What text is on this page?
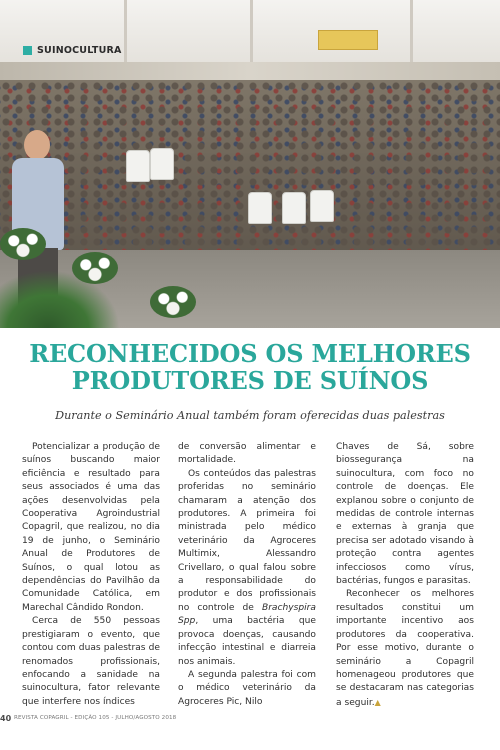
SUINOCULTURA
RECONHECIDOS OS MELHORES
PRODUTORES DE SUÍNOS
Durante o Seminário Anual também foram oferecidas duas palestras

Potencializar a produção de suínos buscando maior eficiência e resultado para seus associados é uma das ações desenvolvidas pela Cooperativa Agroindustrial Copagril, que realizou, no dia 19 de junho, o Seminário Anual de Produtores de Suínos, o qual lotou as dependências do Pavilhão da Comunidade Católica, em Marechal Cândido Rondon.

Cerca de 550 pessoas prestigiaram o evento, que contou com duas palestras de renomados profissionais, enfocando a sanidade na suinocultura, fator relevante que interfere nos índices

de conversão alimentar e mortalidade.

Os conteúdos das palestras proferidas no seminário chamaram a atenção dos produtores. A primeira foi ministrada pelo médico veterinário da Agroceres Multimix, Alessandro Crivellaro, o qual falou sobre a responsabilidade do produtor e dos profissionais no controle de Brachyspira Spp, uma bactéria que provoca doenças, causando infecção intestinal e diarreia nos animais.

A segunda palestra foi com o médico veterinário da Agroceres Pic, Nilo

Chaves de Sá, sobre biossegurança na suinocultura, com foco no controle de doenças. Ele explanou sobre o conjunto de medidas de controle internas e externas à granja que precisa ser adotado visando à proteção contra agentes infecciosos como vírus, bactérias, fungos e parasitas.

Reconhecer os melhores resultados constitui um importante incentivo aos produtores da cooperativa. Por esse motivo, durante o seminário a Copagril homenageou produtores que se destacaram nas categorias a seguir.▲

40 REVISTA COPAGRIL - EDIÇÃO 105 - JULHO/AGOSTO 2018
